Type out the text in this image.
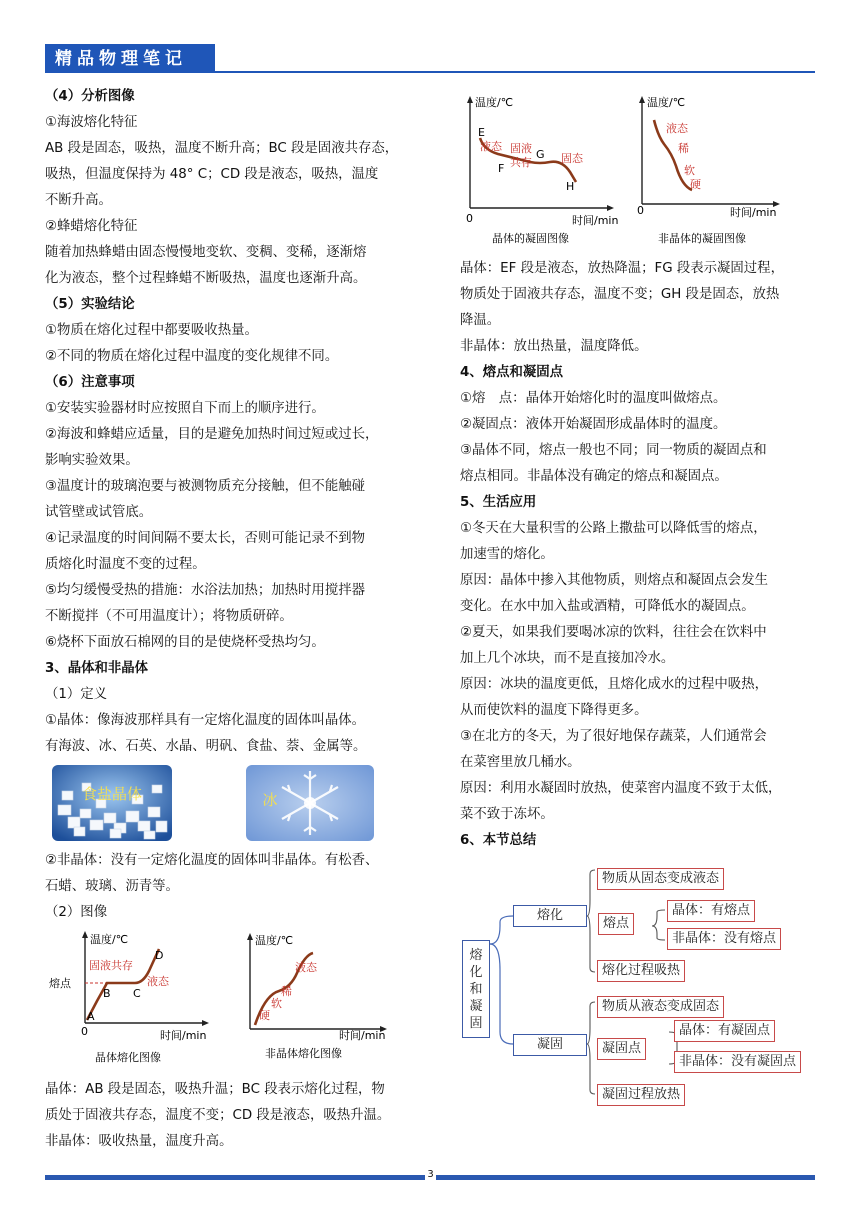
精品物理笔记

（4）分析图像

①海波熔化特征

AB 段是固态，吸热，温度不断升高；BC 段是固液共存态，

吸热，但温度保持为 48° C；CD 段是液态，吸热，温度

不断升高。

②蜂蜡熔化特征

随着加热蜂蜡由固态慢慢地变软、变稠、变稀，逐渐熔

化为液态，整个过程蜂蜡不断吸热，温度也逐渐升高。

（5）实验结论

①物质在熔化过程中都要吸收热量。

②不同的物质在熔化过程中温度的变化规律不同。

（6）注意事项

①安装实验器材时应按照自下而上的顺序进行。

②海波和蜂蜡应适量，目的是避免加热时间过短或过长，

影响实验效果。

③温度计的玻璃泡要与被测物质充分接触，但不能触碰

试管壁或试管底。

④记录温度的时间间隔不要太长，否则可能记录不到物

质熔化时温度不变的过程。

⑤均匀缓慢受热的措施：水浴法加热；加热时用搅拌器

不断搅拌（不可用温度计）；将物质研碎。

⑥烧杯下面放石棉网的目的是使烧杯受热均匀。

3、晶体和非晶体

（1）定义

①晶体：像海波那样具有一定熔化温度的固体叫晶体。

有海波、冰、石英、水晶、明矾、食盐、萘、金属等。

食盐晶体	冰

②非晶体：没有一定熔化温度的固体叫非晶体。有松香、

石蜡、玻璃、沥青等。

（2）图像

温度/℃
时间/min
0
熔点
A
B C
D
固液共存
液态
晶体熔化图像
温度/℃
时间/min
液态
稀
软
硬
非晶体熔化图像

晶体：AB 段是固态，吸热升温；BC 段表示熔化过程，物

质处于固液共存态，温度不变；CD 段是液态，吸热升温。

非晶体：吸收热量，温度升高。

温度/℃
时间/min
0
E
F
G
H
液态 固液
共存	固态
晶体的凝固图像
温度/℃
时间/min
0
液态
稀
软
硬
非晶体的凝固图像

晶体：EF 段是液态，放热降温；FG 段表示凝固过程，

物质处于固液共存态，温度不变；GH 段是固态，放热

降温。

非晶体：放出热量，温度降低。

4、熔点和凝固点

①熔　点：晶体开始熔化时的温度叫做熔点。

②凝固点：液体开始凝固形成晶体时的温度。

③晶体不同，熔点一般也不同；同一物质的凝固点和

熔点相同。非晶体没有确定的熔点和凝固点。

5、生活应用

①冬天在大量积雪的公路上撒盐可以降低雪的熔点，

加速雪的熔化。

原因：晶体中掺入其他物质，则熔点和凝固点会发生

变化。在水中加入盐或酒精，可降低水的凝固点。

②夏天，如果我们要喝冰凉的饮料，往往会在饮料中

加上几个冰块，而不是直接加冷水。

原因：冰块的温度更低，且熔化成水的过程中吸热，

从而使饮料的温度下降得更多。

③在北方的冬天，为了很好地保存蔬菜，人们通常会

在菜窖里放几桶水。

原因：利用水凝固时放热，使菜窖内温度不致于太低，

菜不致于冻坏。

6、本节总结

熔
化
和
凝
固
熔化
物质从固态变成液态
熔点
晶体：有熔点
非晶体：没有熔点
熔化过程吸热
凝固
物质从液态变成固态
凝固点
晶体：有凝固点
非晶体：没有凝固点
凝固过程放热
3
